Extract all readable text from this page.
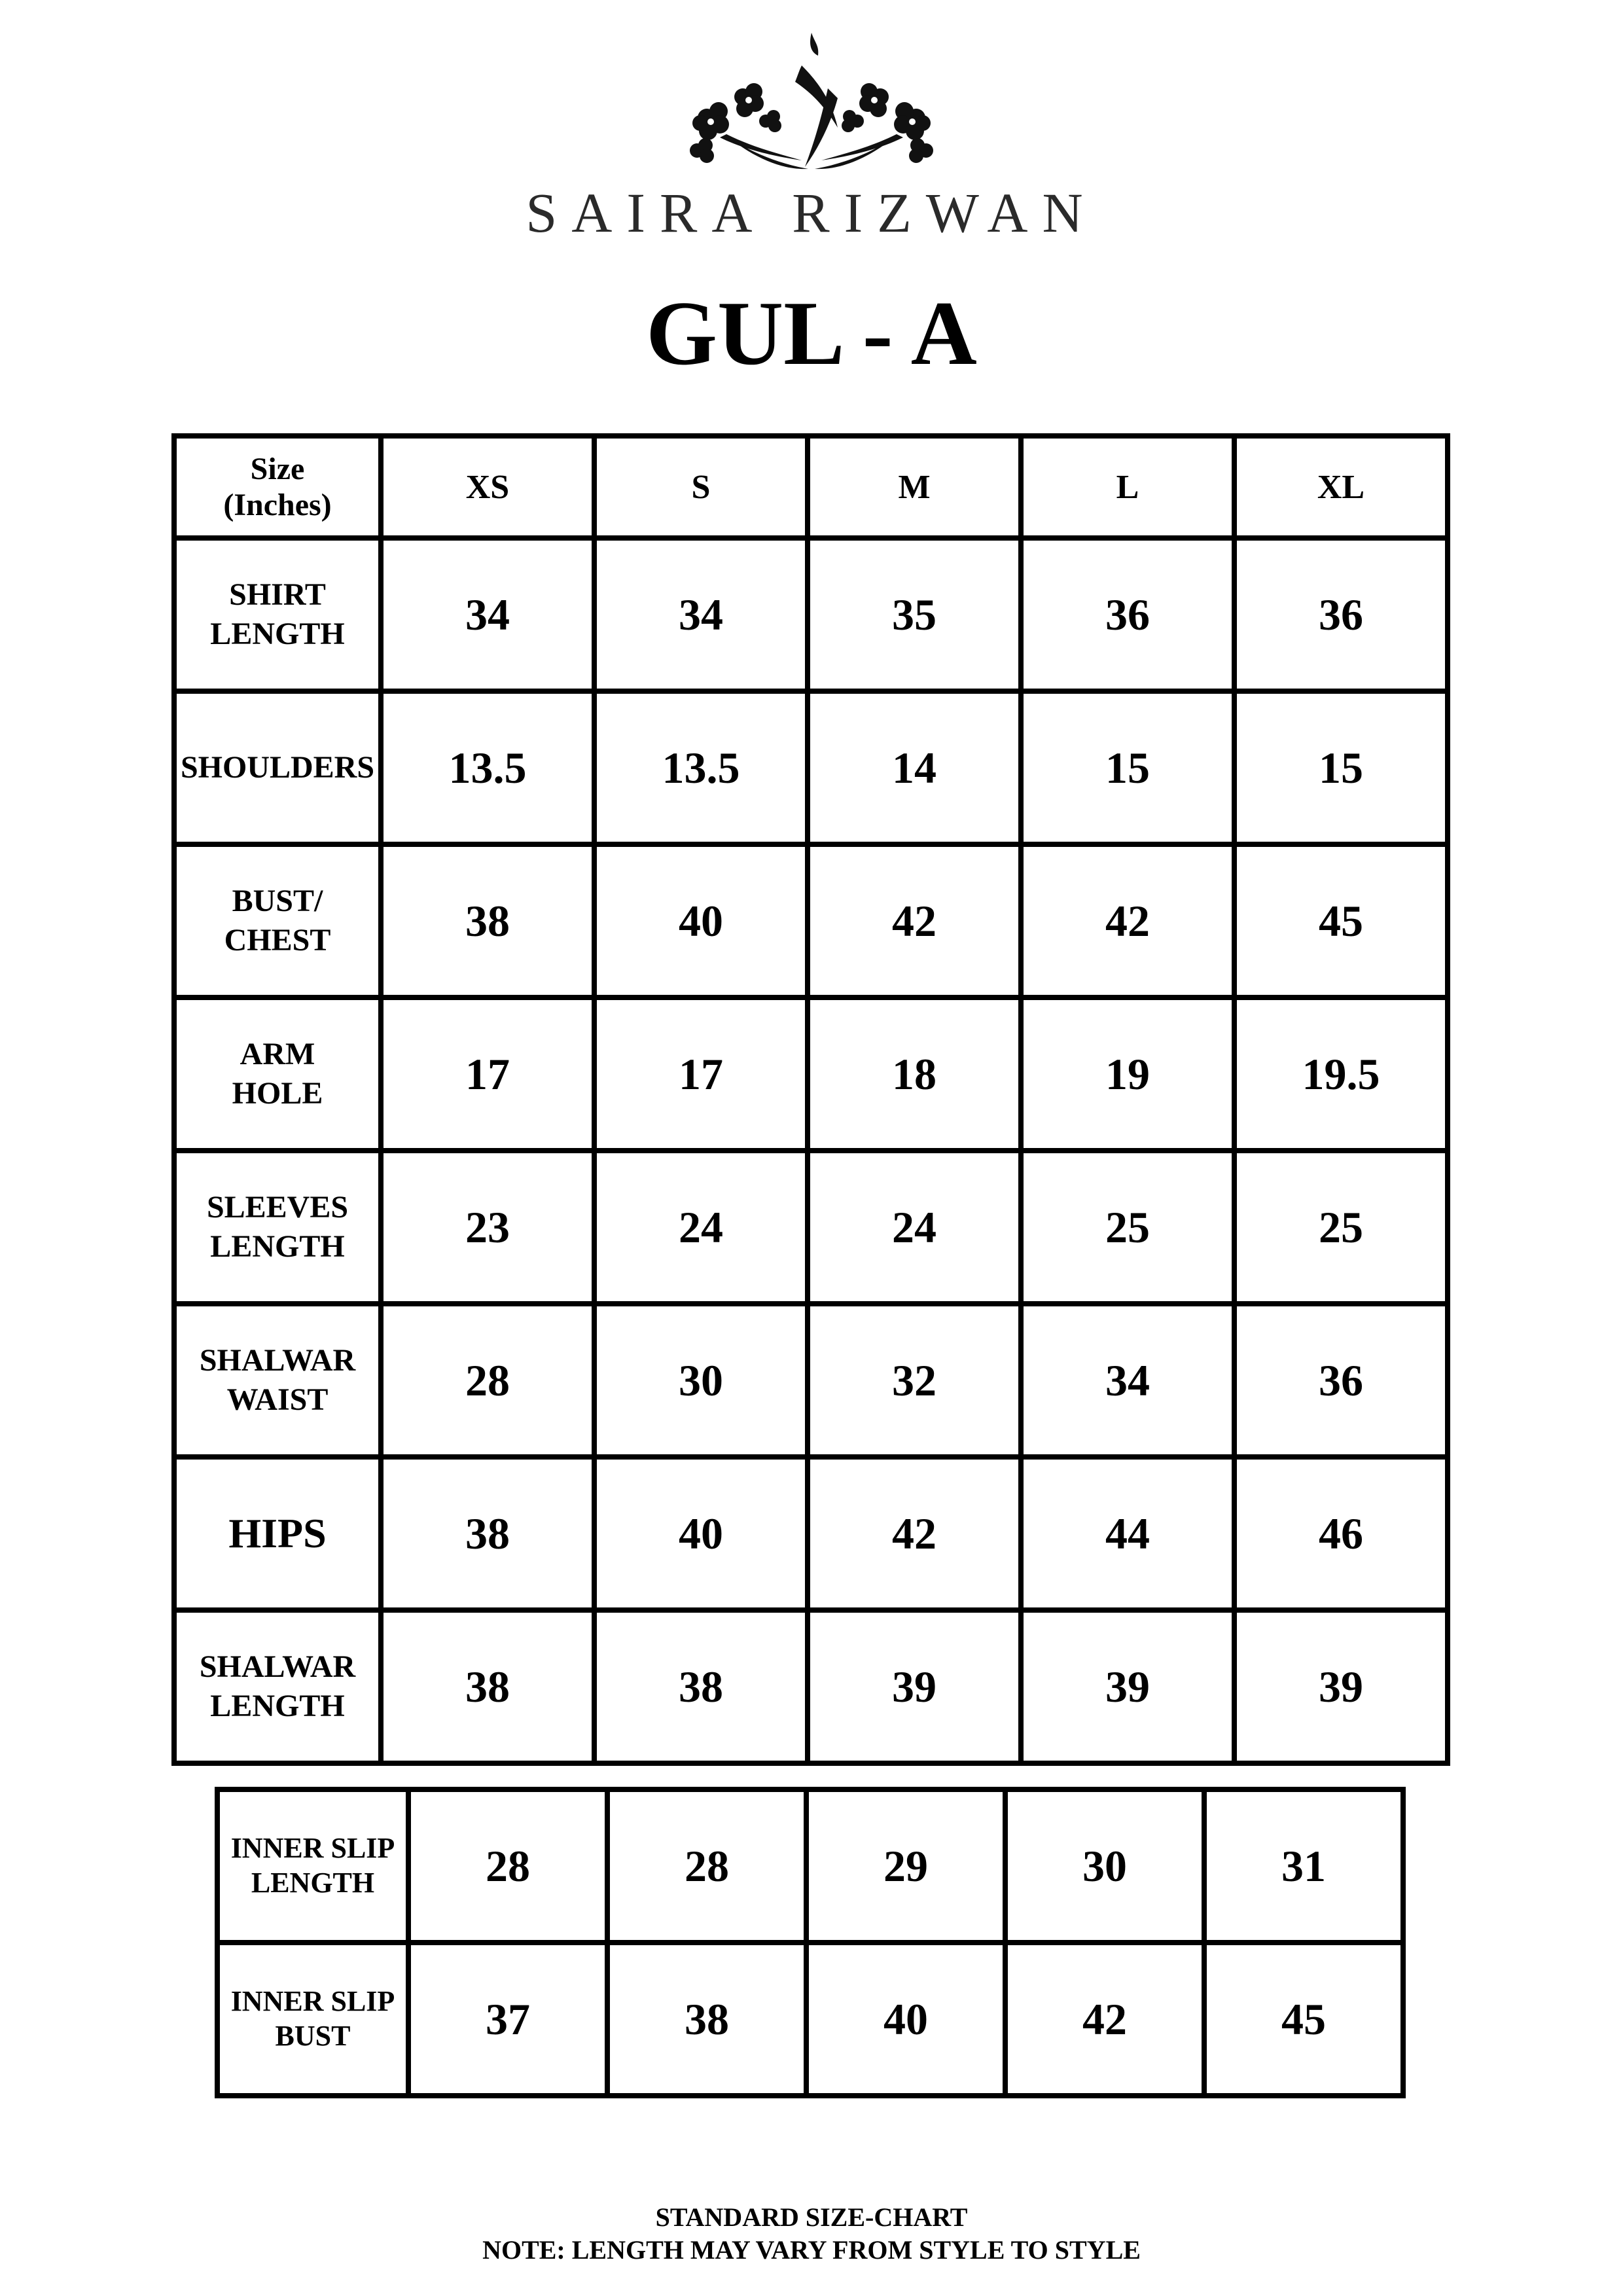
SAIRA RIZWAN
GUL - A
Size
(Inches)	XS	S	M	L	XL

SHIRT
LENGTH	34	34	35	36	36

SHOULDERS	13.5	13.5	14	15	15

BUST/
CHEST	38	40	42	42	45

ARM
HOLE	17	17	18	19	19.5

SLEEVES
LENGTH	23	24	24	25	25

SHALWAR
WAIST	28	30	32	34	36

HIPS	38	40	42	44	46

SHALWAR
LENGTH	38	38	39	39	39
INNER SLIP
LENGTH	28	28	29	30	31

INNER SLIP
BUST	37	38	40	42	45
STANDARD SIZE-CHART
NOTE: LENGTH MAY VARY FROM STYLE TO STYLE
